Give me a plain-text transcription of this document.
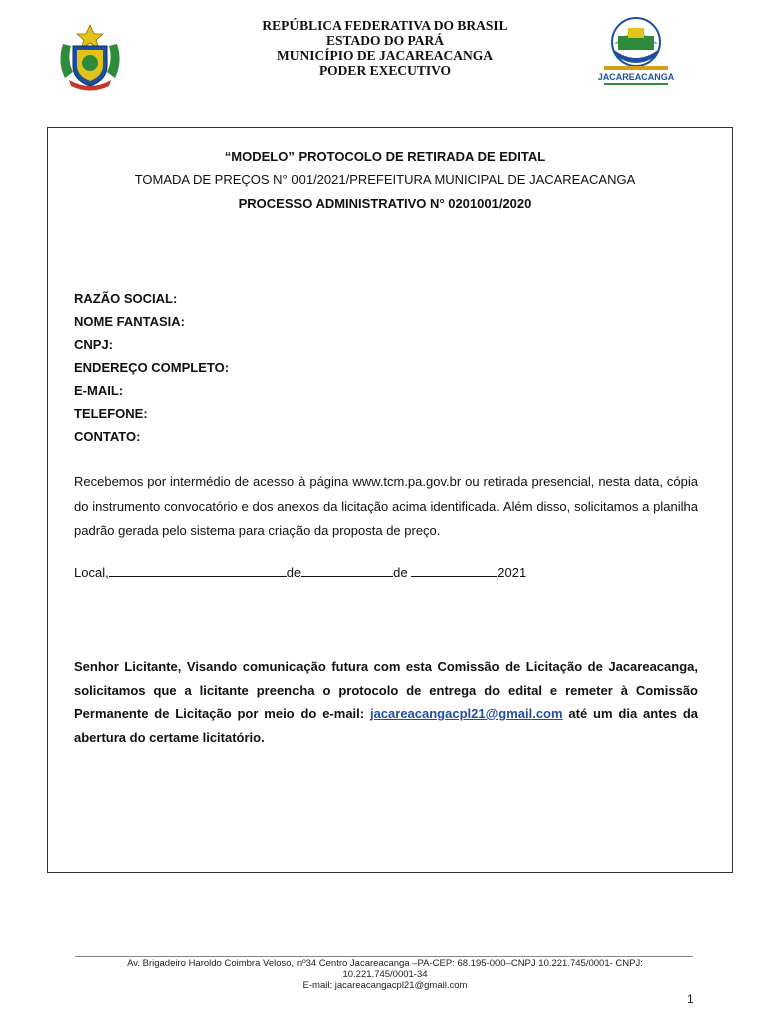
JACAREACANGA
REPÚBLICA FEDERATIVA DO BRASIL
ESTADO DO PARÁ
MUNICÍPIO DE JACAREACANGA
PODER EXECUTIVO
“MODELO” PROTOCOLO DE RETIRADA DE EDITAL
TOMADA DE PREÇOS N° 001/2021/PREFEITURA MUNICIPAL DE JACAREACANGA
PROCESSO ADMINISTRATIVO N° 0201001/2020
RAZÃO SOCIAL:
NOME FANTASIA:
CNPJ:
ENDEREÇO COMPLETO:
E-MAIL:
TELEFONE:
CONTATO:
Recebemos por intermédio de acesso à página www.tcm.pa.gov.br ou retirada presencial, nesta data, cópia do instrumento convocatório e dos anexos da licitação acima identificada. Além disso, solicitamos a planilha padrão gerada pelo sistema para criação da proposta de preço.
Local,	de	de	2021
Senhor Licitante, Visando comunicação futura com esta Comissão de Licitação de Jacareacanga, solicitamos que a licitante preencha o protocolo de entrega do edital e remeter à Comissão Permanente de Licitação por meio do e-mail: jacareacangacpl21@gmail.com até um dia antes da abertura do certame licitatório.
Av. Brigadeiro Haroldo Coimbra Veloso, nº34 Centro Jacareacanga –PA-CEP: 68.195-000–CNPJ 10.221.745/0001- CNPJ:
10.221.745/0001-34
E-mail: jacareacangacpl21@gmail.com
1
